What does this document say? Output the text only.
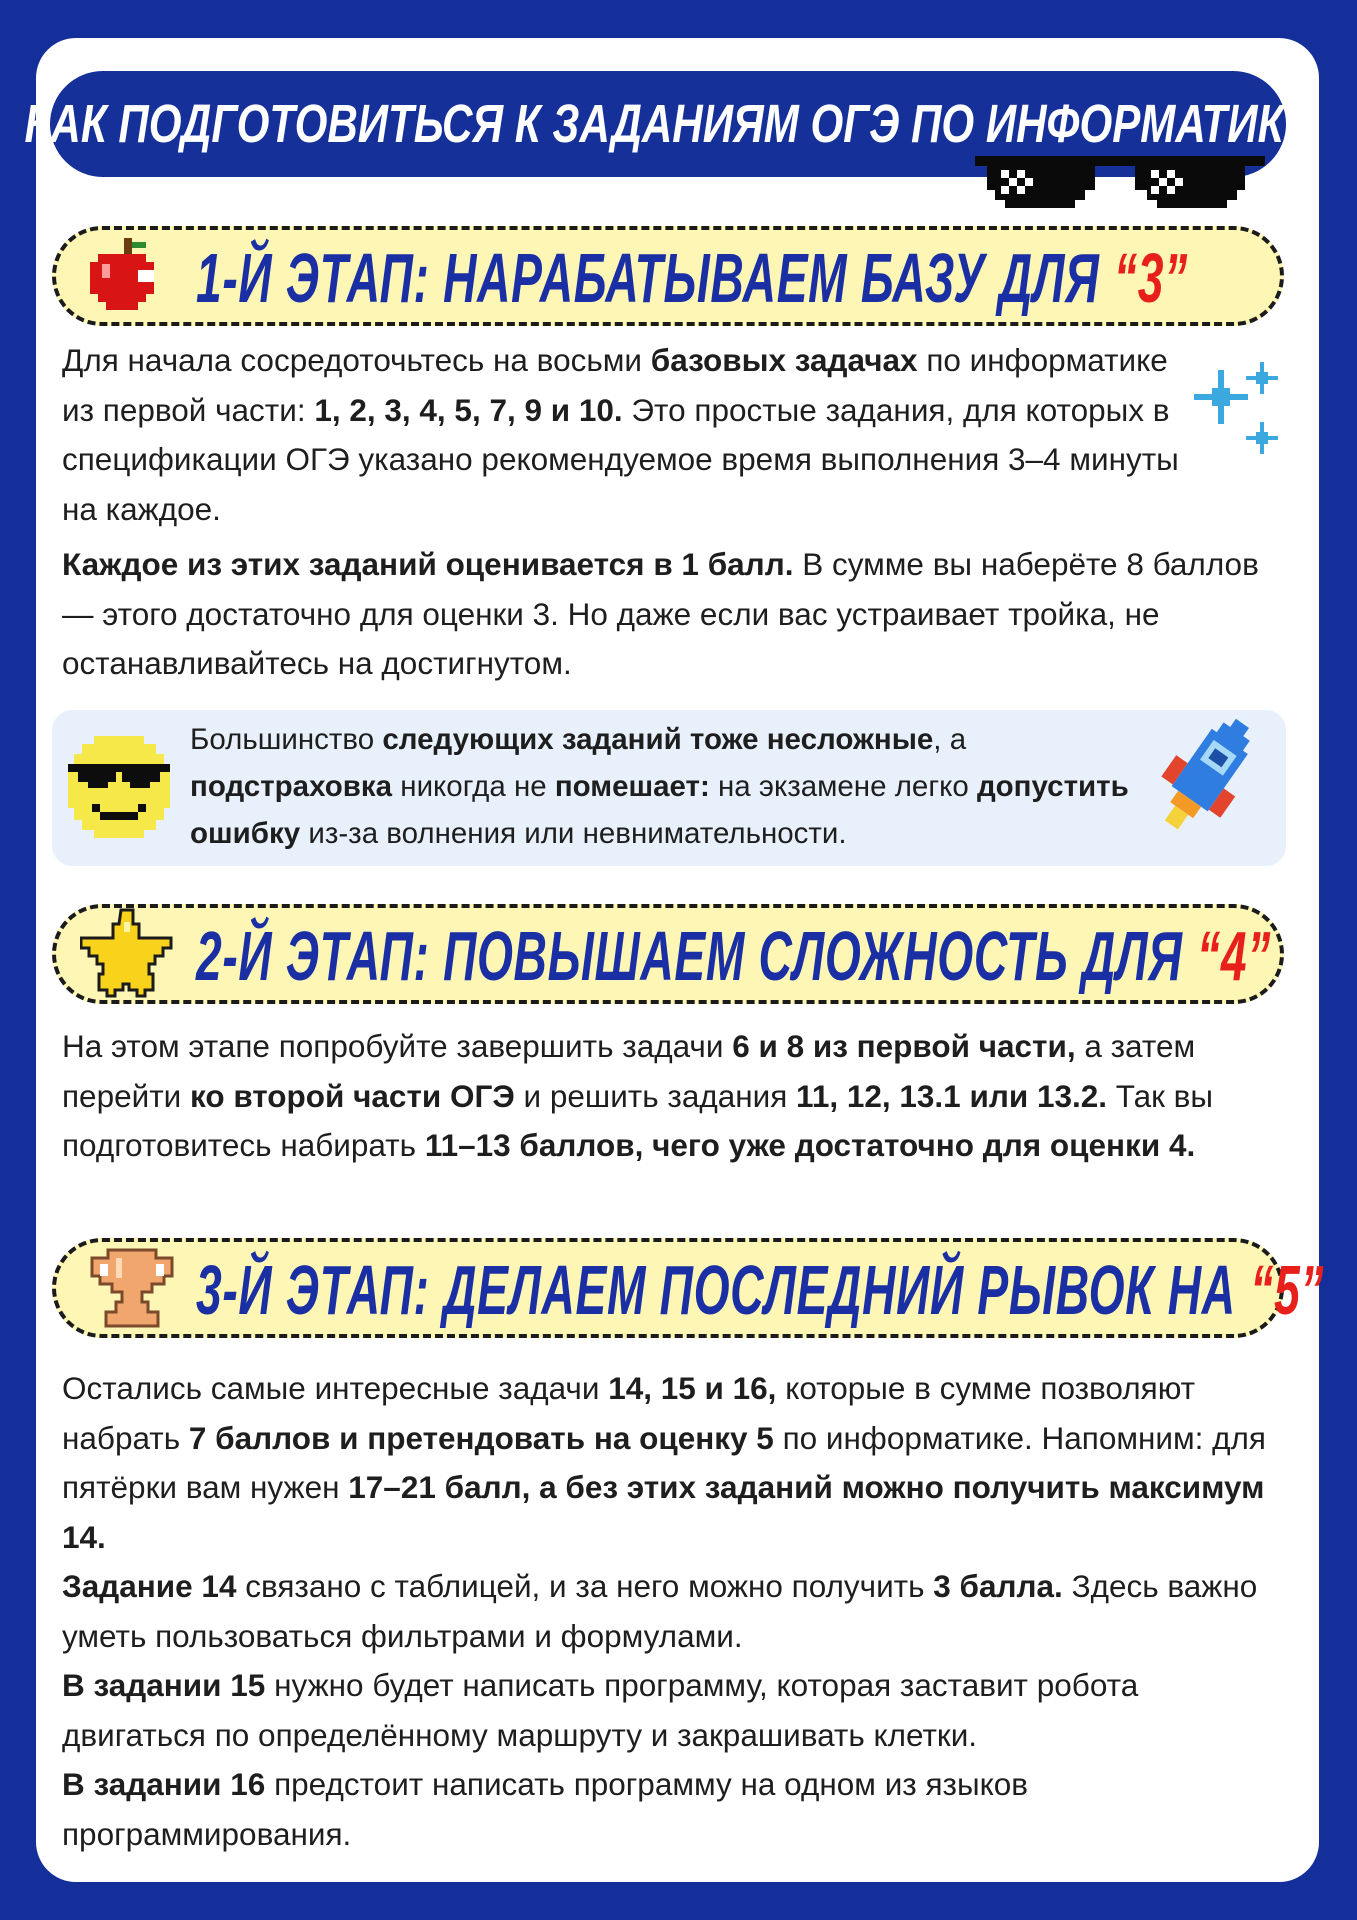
КАК ПОДГОТОВИТЬСЯ К ЗАДАНИЯМ ОГЭ ПО ИНФОРМАТИКЕ
1-Й ЭТАП: НАРАБАТЫВАЕМ БАЗУ ДЛЯ “3”

Для начала сосредоточьтесь на восьми базовых задачах по информатике из первой части: 1, 2, 3, 4, 5, 7, 9 и 10. Это простые задания, для которых в спецификации ОГЭ указано рекомендуемое время выполнения 3–4 минуты на каждое.

Каждое из этих заданий оценивается в 1 балл. В сумме вы наберёте 8 баллов — этого достаточно для оценки 3. Но даже если вас устраивает тройка, не останавливайтесь на достигнутом.

Большинство следующих заданий тоже несложные, а подстраховка никогда не помешает: на экзамене легко допустить ошибку из-за волнения или невнимательности.

2-Й ЭТАП: ПОВЫШАЕМ СЛОЖНОСТЬ ДЛЯ “4”

На этом этапе попробуйте завершить задачи 6 и 8 из первой части, а затем перейти ко второй части ОГЭ и решить задания 11, 12, 13.1 или 13.2. Так вы подготовитесь набирать 11–13 баллов, чего уже достаточно для оценки 4.

3-Й ЭТАП: ДЕЛАЕМ ПОСЛЕДНИЙ РЫВОК НА “5”

Остались самые интересные задачи 14, 15 и 16, которые в сумме позволяют набрать 7 баллов и претендовать на оценку 5 по информатике. Напомним: для пятёрки вам нужен 17–21 балл, а без этих заданий можно получить максимум 14.

Задание 14 связано с таблицей, и за него можно получить 3 балла. Здесь важно уметь пользоваться фильтрами и формулами.

В задании 15 нужно будет написать программу, которая заставит робота двигаться по определённому маршруту и закрашивать клетки.

В задании 16 предстоит написать программу на одном из языков программирования.
